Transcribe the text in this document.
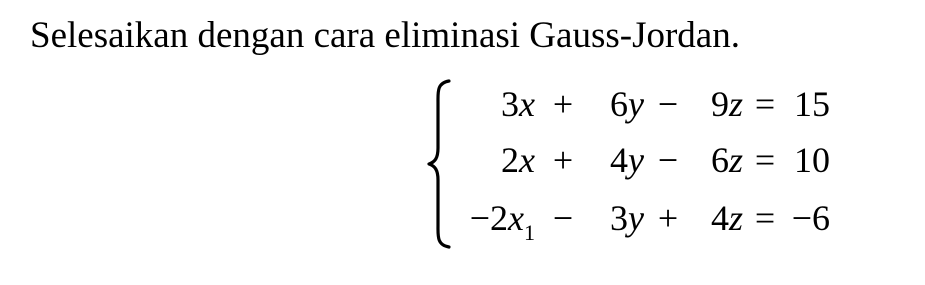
Selesaikan dengan cara eliminasi Gauss-Jordan.
3x +	6y − 9z = 15
2x +	4y − 6z = 10
$-2x_1$ −	3y + 4z = −6
